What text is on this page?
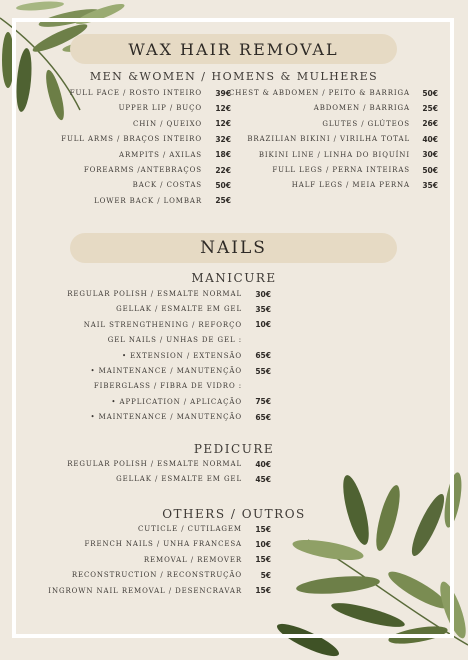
WAX HAIR REMOVAL
MEN &WOMEN / HOMENS & MULHERES
FULL FACE / ROSTO INTEIRO	39€
UPPER LIP / BUÇO	12€
CHIN / QUEIXO	12€
FULL ARMS / BRAÇOS INTEIRO	32€
ARMPITS / AXILAS	18€
FOREARMS /ANTEBRAÇOS	22€
BACK / COSTAS	50€
LOWER BACK / LOMBAR	25€
CHEST & ABDOMEN / PEITO & BARRIGA	50€
ABDOMEN / BARRIGA	25€
GLUTES / GLÚTEOS	26€
BRAZILIAN BIKINI / VIRILHA TOTAL	40€
BIKINI LINE / LINHA DO BIQUÍNI	30€
FULL LEGS / PERNA INTEIRAS	50€
HALF LEGS / MEIA PERNA	35€
NAILS
MANICURE
REGULAR POLISH / ESMALTE NORMAL	30€
GELLAK / ESMALTE EM GEL	35€
NAIL STRENGTHENING / REFORÇO	10€
GEL NAILS / UNHAS DE GEL :
• EXTENSION / EXTENSÃO	65€
• MAINTENANCE / MANUTENÇÃO	55€
FIBERGLASS / FIBRA DE VIDRO :
• APPLICATION / APLICAÇÃO	75€
• MAINTENANCE / MANUTENÇÃO	65€
PEDICURE
REGULAR POLISH / ESMALTE NORMAL	40€
GELLAK / ESMALTE EM GEL	45€
OTHERS / OUTROS
CUTICLE / CUTILAGEM	15€
FRENCH NAILS / UNHA FRANCESA	10€
REMOVAL / REMOVER	15€
RECONSTRUCTION / RECONSTRUÇÃO	5€
INGROWN NAIL REMOVAL / DESENCRAVAR	15€
